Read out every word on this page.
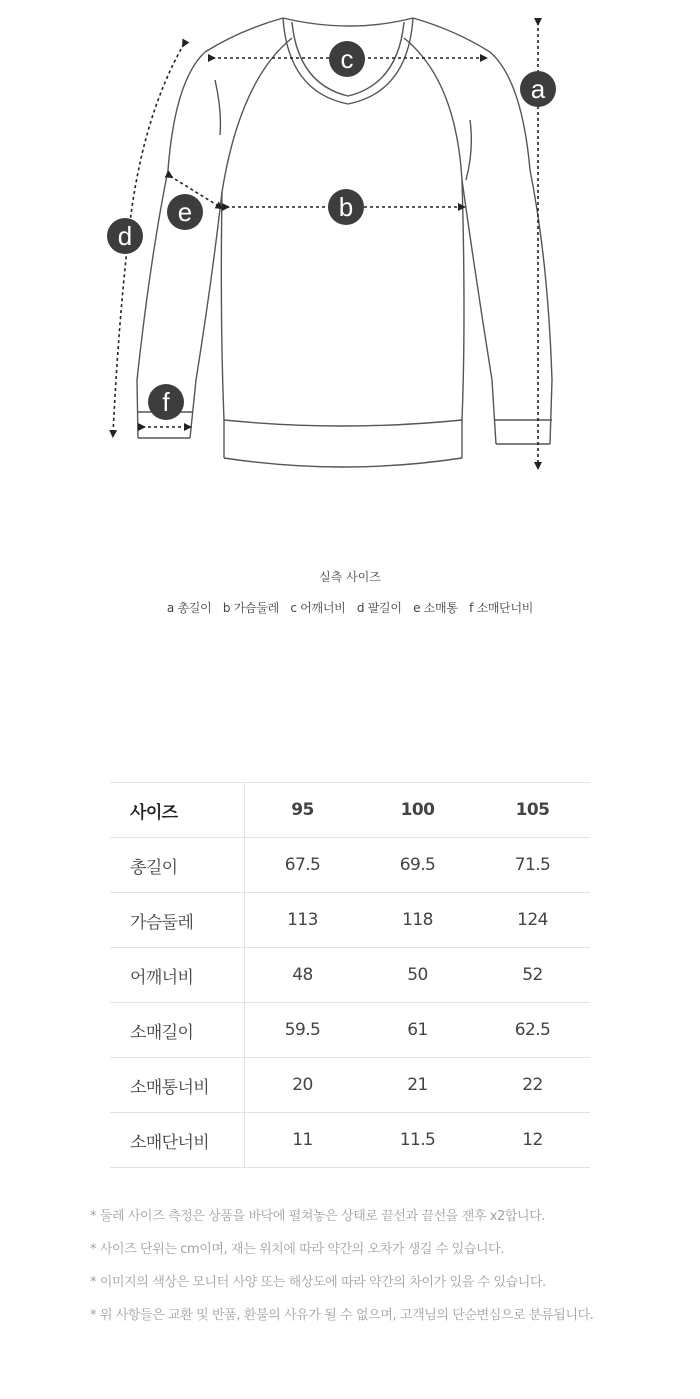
c
b
a
d
e
f
실측 사이즈
a 총길이 b 가슴둘레 c 어깨너비 d 팔길이 e 소매통 f 소매단너비
사이즈	95	100	105
총길이	67.5	69.5	71.5
가슴둘레	113	118	124
어깨너비	48	50	52
소매길이	59.5	61	62.5
소매통너비	20	21	22
소매단너비	11	11.5	12
* 둘레 사이즈 측정은 상품을 바닥에 펼쳐놓은 상태로 끝선과 끝선을 잰후 x2합니다.
* 사이즈 단위는 cm이며, 재는 위치에 따라 약간의 오차가 생길 수 있습니다.
* 이미지의 색상은 모니터 사양 또는 해상도에 따라 약간의 차이가 있을 수 있습니다.
* 위 사항들은 교환 및 반품, 환불의 사유가 될 수 없으며, 고객님의 단순변심으로 분류됩니다.
